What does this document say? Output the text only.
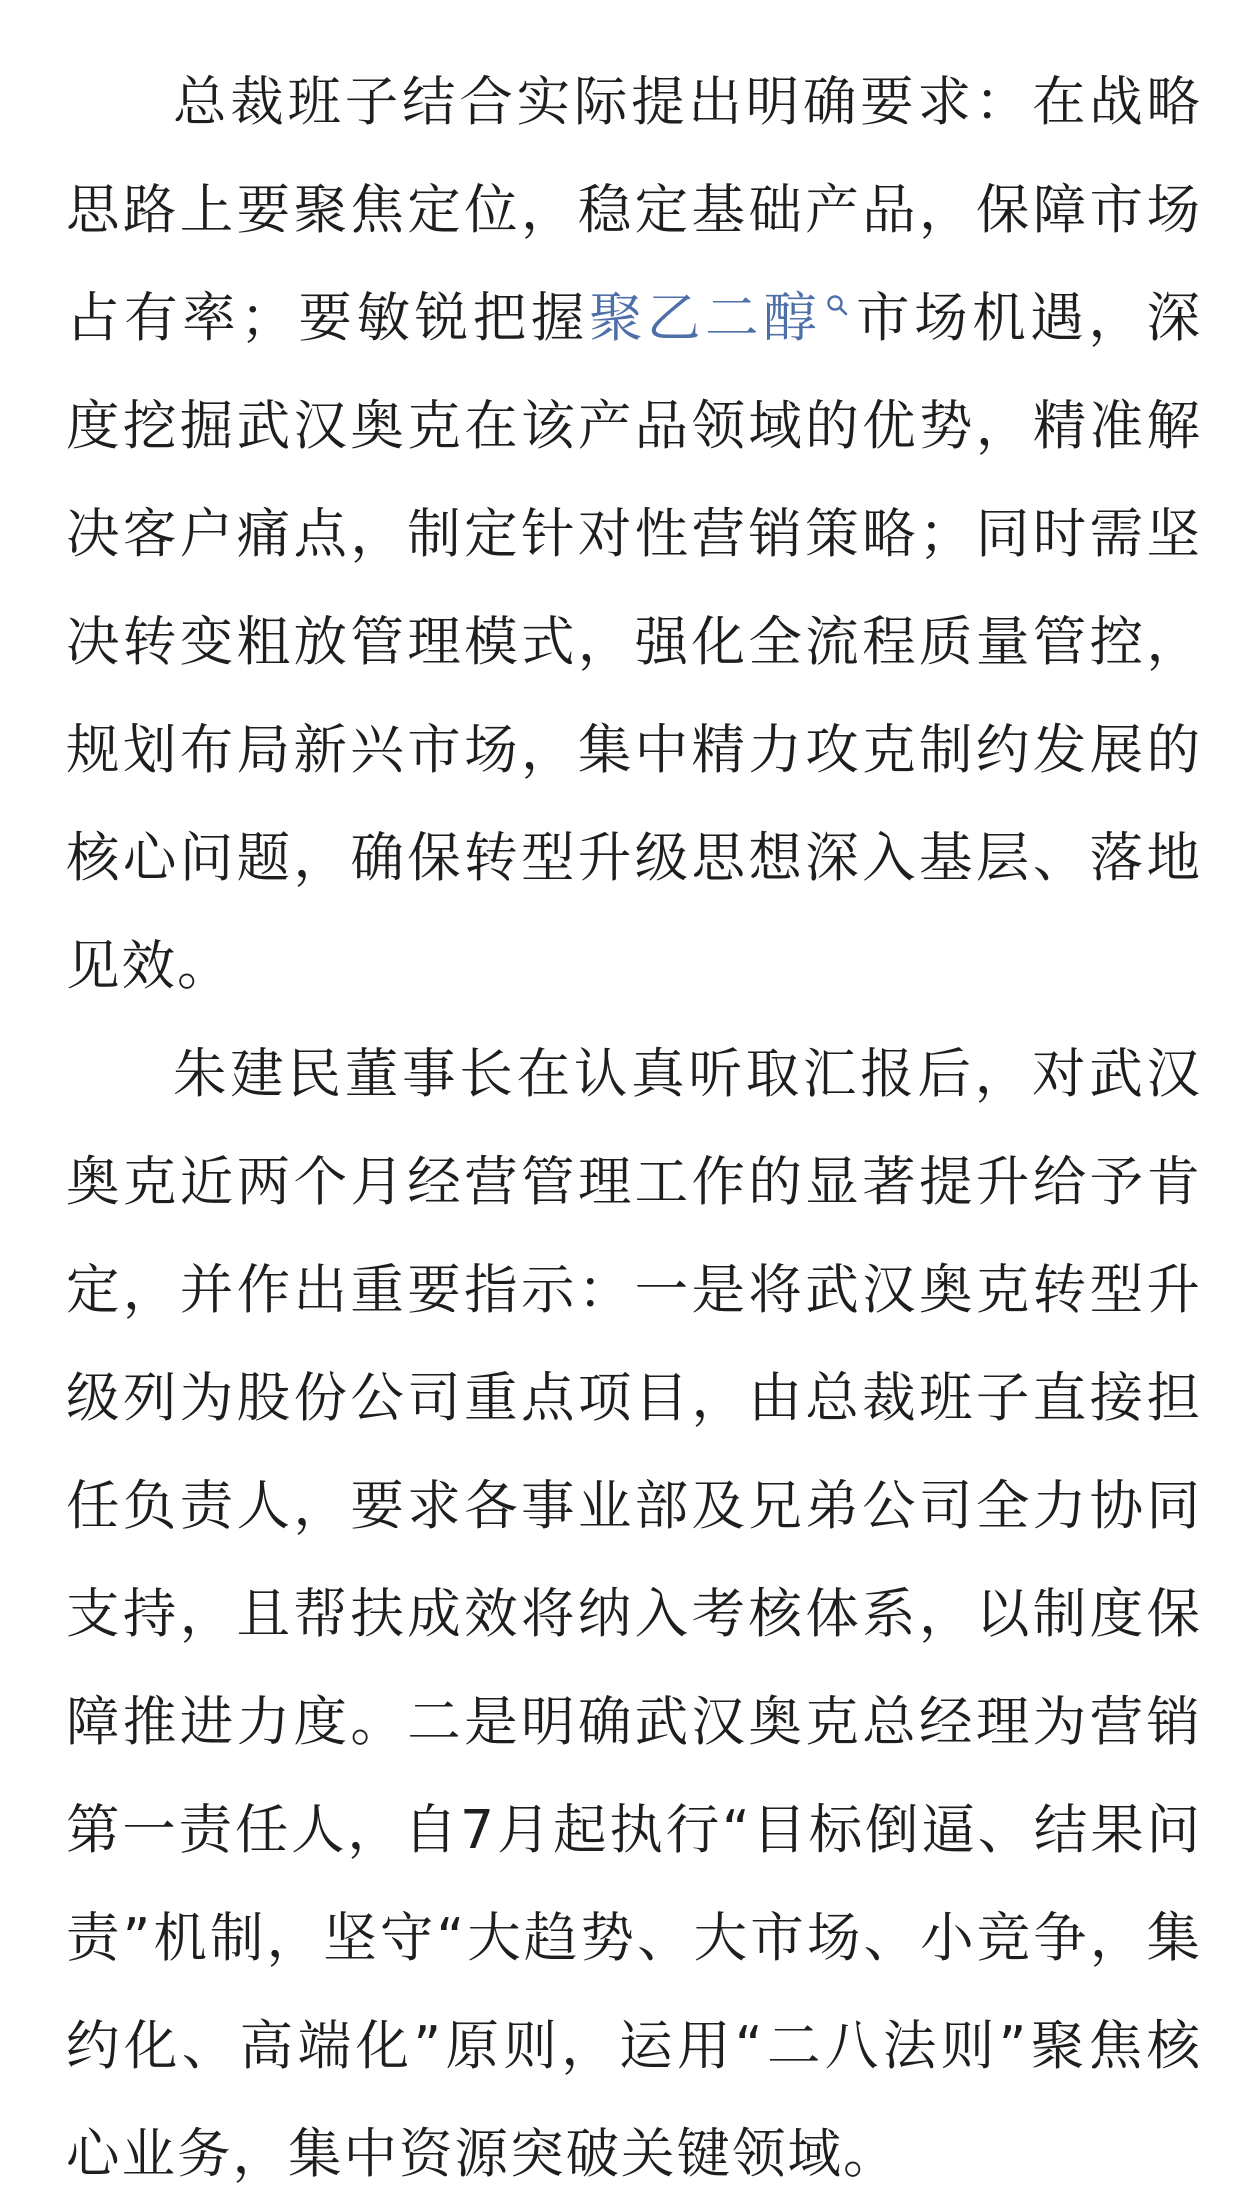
总裁班子结合实际提出明确要求：在战略思路上要聚焦定位，稳定基础产品，保障市场占有率；要敏锐把握聚乙二醇 市场机遇，深度挖掘武汉奥克在该产品领域的优势，精准解决客户痛点，制定针对性营销策略；同时需坚决转变粗放管理模式，强化全流程质量管控，规划布局新兴市场，集中精力攻克制约发展的核心问题，确保转型升级思想深入基层、落地见效。

朱建民董事长在认真听取汇报后，对武汉奥克近两个月经营管理工作的显著提升给予肯定，并作出重要指示：一是将武汉奥克转型升级列为股份公司重点项目，由总裁班子直接担任负责人，要求各事业部及兄弟公司全力协同支持，且帮扶成效将纳入考核体系，以制度保障推进力度。二是明确武汉奥克总经理为营销第一责任人，自7月起执行“目标倒逼、结果问责”机制，坚守“大趋势、大市场、小竞争，集约化、高端化”原则，运用“二八法则”聚焦核心业务，集中资源突破关键领域。
